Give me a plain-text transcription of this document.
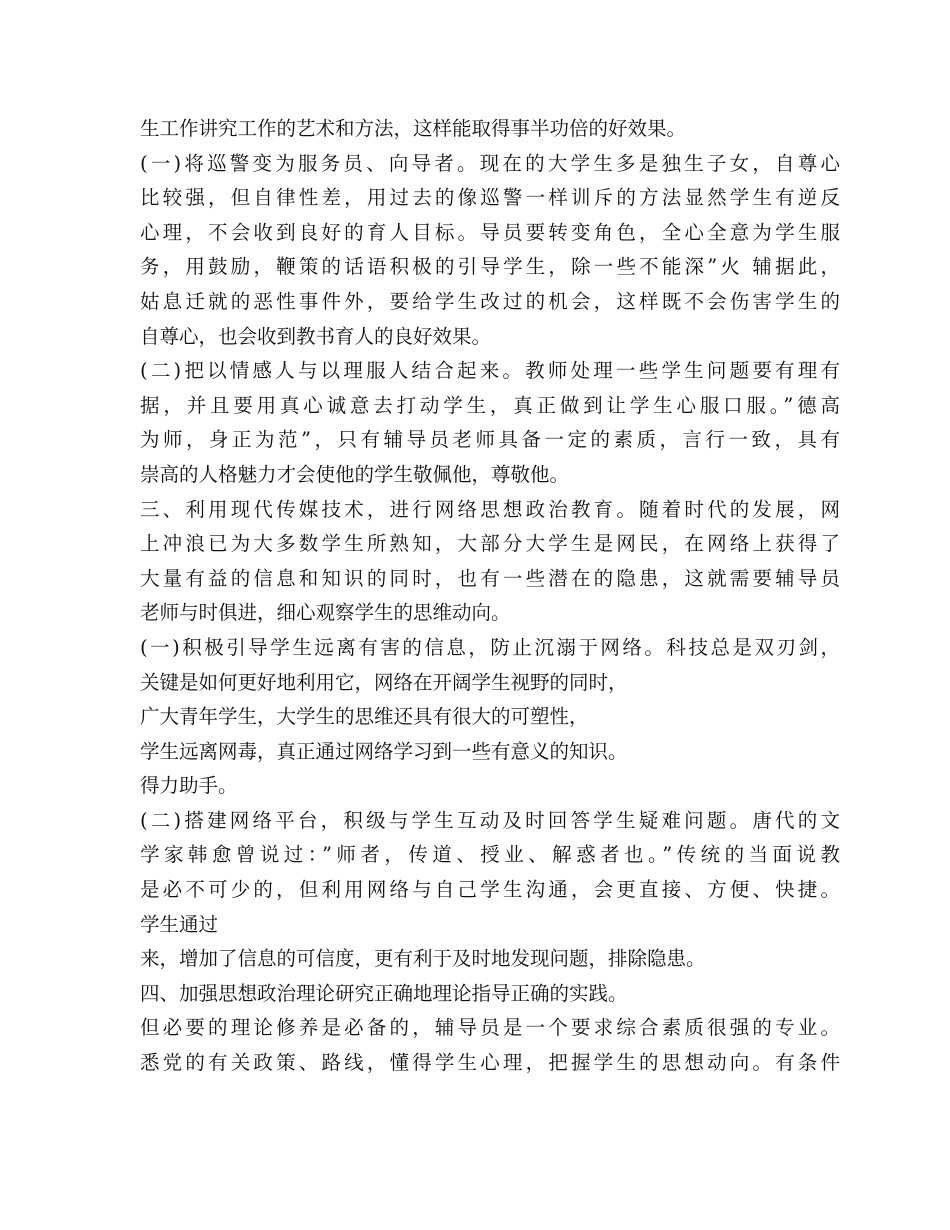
生工作讲究工作的艺术和方法，这样能取得事半功倍的好效果。
(一)将巡警变为服务员、向导者。现在的大学生多是独生子女，自尊心
比较强，但自律性差，用过去的像巡警一样训斥的方法显然学生有逆反
心理，不会收到良好的育人目标。导员要转变角色，全心全意为学生服
务，用鼓励，鞭策的话语积极的引导学生，除一些不能深”火 辅据此，
姑息迁就的恶性事件外，要给学生改过的机会，这样既不会伤害学生的
自尊心，也会收到教书育人的良好效果。
(二)把以情感人与以理服人结合起来。教师处理一些学生问题要有理有
据，并且要用真心诚意去打动学生，真正做到让学生心服口服。”德高
为师，身正为范”，只有辅导员老师具备一定的素质，言行一致，具有
崇高的人格魅力才会使他的学生敬佩他，尊敬他。
三、利用现代传媒技术，进行网络思想政治教育。随着时代的发展，网
上冲浪已为大多数学生所熟知，大部分大学生是网民，在网络上获得了
大量有益的信息和知识的同时，也有一些潜在的隐患，这就需要辅导员
老师与时俱进，细心观察学生的思维动向。
(一)积极引导学生远离有害的信息，防止沉溺于网络。科技总是双刃剑，
关键是如何更好地利用它，网络在开阔学生视野的同时，
广大青年学生，大学生的思维还具有很大的可塑性，
学生远离网毒，真正通过网络学习到一些有意义的知识。
得力助手。
(二)搭建网络平台，积级与学生互动及时回答学生疑难问题。唐代的文
学家韩愈曾说过：”师者，传道、授业、解惑者也。”传统的当面说教
是必不可少的，但利用网络与自己学生沟通，会更直接、方便、快捷。
学生通过
来，增加了信息的可信度，更有利于及时地发现问题，排除隐患。
四、加强思想政治理论研究正确地理论指导正确的实践。
但必要的理论修养是必备的，辅导员是一个要求综合素质很强的专业。
悉党的有关政策、路线，懂得学生心理，把握学生的思想动向。有条件
